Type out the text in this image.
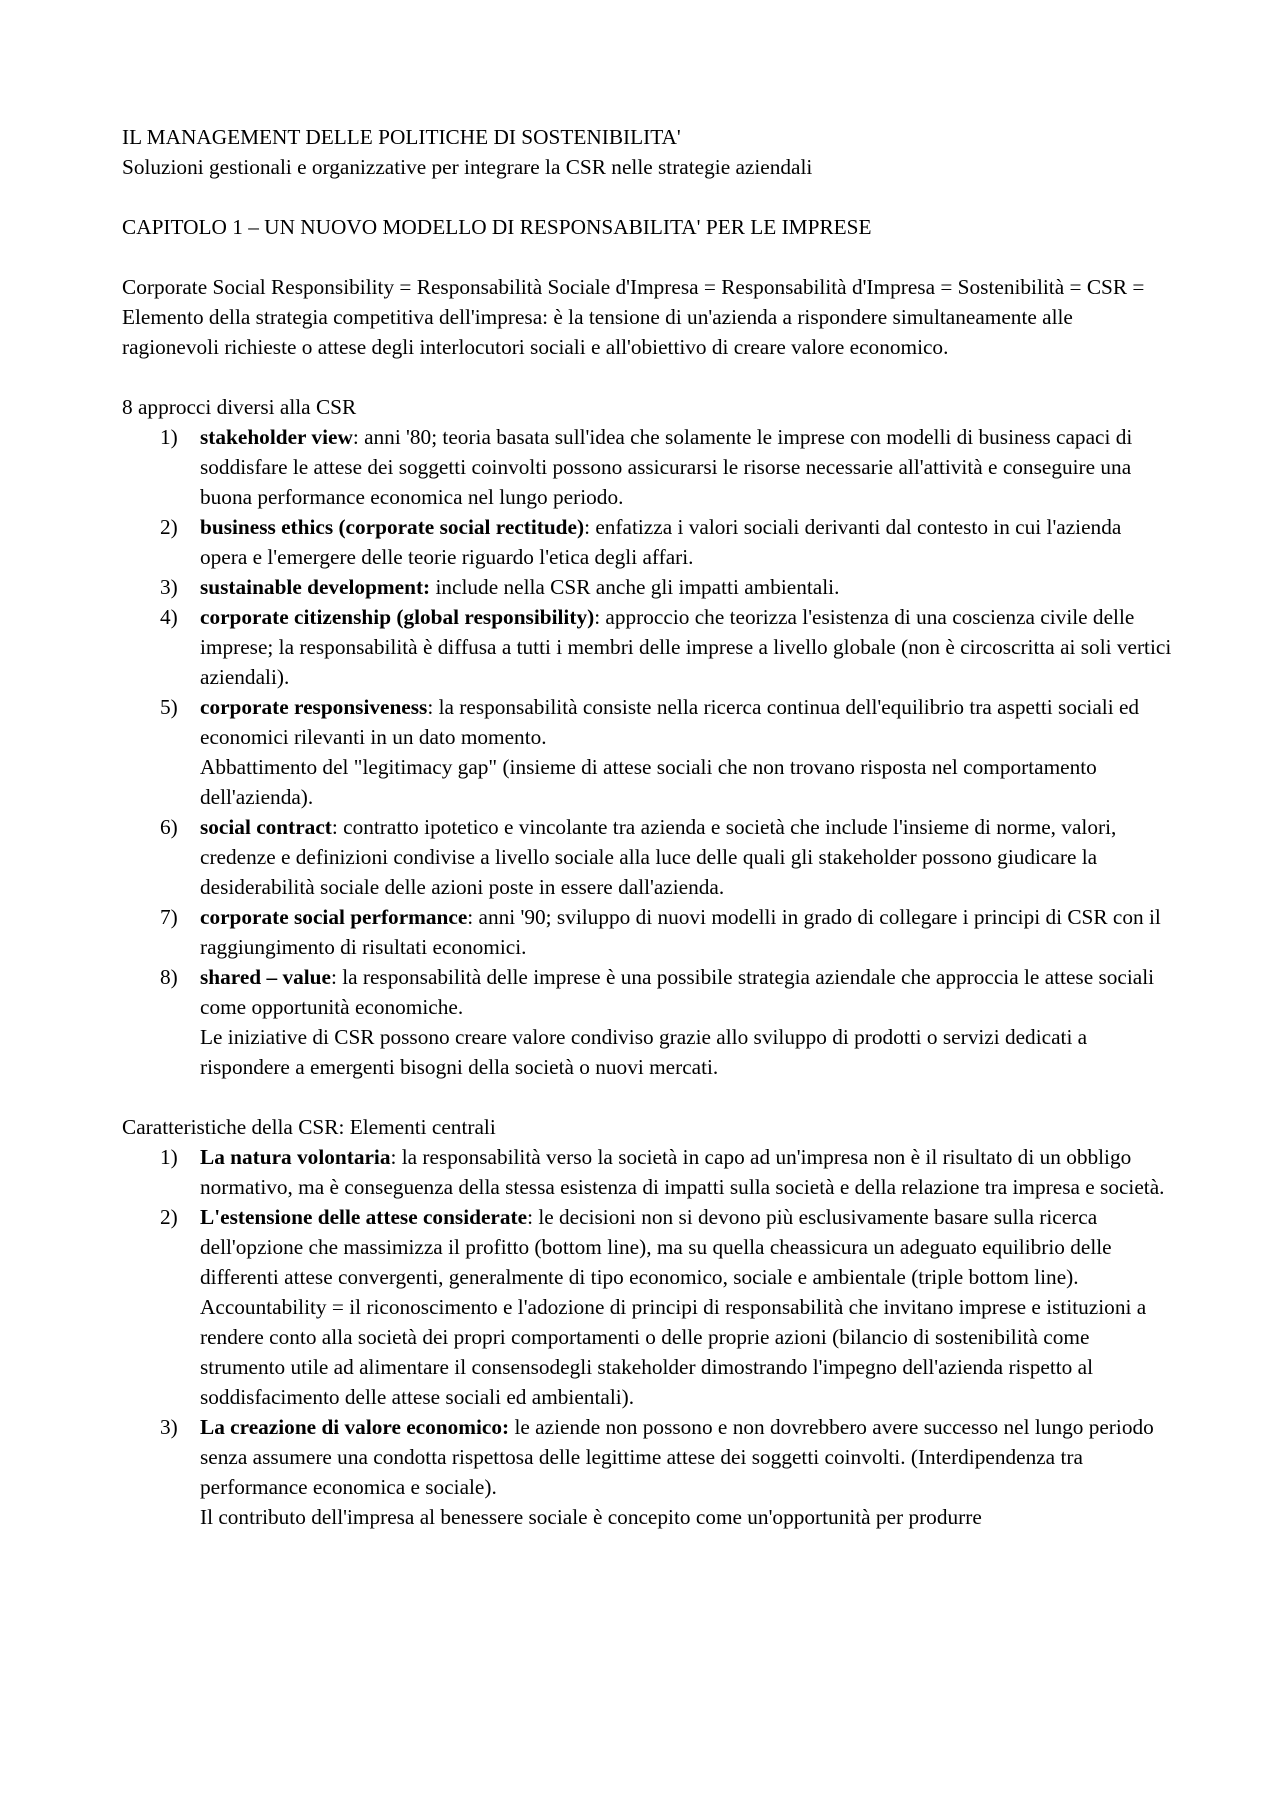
IL MANAGEMENT DELLE POLITICHE DI SOSTENIBILITA'

Soluzioni gestionali e organizzative per integrare la CSR nelle strategie aziendali

CAPITOLO 1 – UN NUOVO MODELLO DI RESPONSABILITA' PER LE IMPRESE

Corporate Social Responsibility = Responsabilità Sociale d'Impresa = Responsabilità d'Impresa = Sostenibilità = CSR = Elemento della strategia competitiva dell'impresa: è la tensione di un'azienda a rispondere simultaneamente alle ragionevoli richieste o attese degli interlocutori sociali e all'obiettivo di creare valore economico.

8 approcci diversi alla CSR

1) stakeholder view: anni '80; teoria basata sull'idea che solamente le imprese con modelli di business capaci di soddisfare le attese dei soggetti coinvolti possono assicurarsi le risorse necessarie all'attività e conseguire una buona performance economica nel lungo periodo.
2) business ethics (corporate social rectitude): enfatizza i valori sociali derivanti dal contesto in cui l'azienda opera e l'emergere delle teorie riguardo l'etica degli affari.
3) sustainable development: include nella CSR anche gli impatti ambientali.
4) corporate citizenship (global responsibility): approccio che teorizza l'esistenza di una coscienza civile delle imprese; la responsabilità è diffusa a tutti i membri delle imprese a livello globale (non è circoscritta ai soli vertici aziendali).
5) corporate responsiveness: la responsabilità consiste nella ricerca continua dell'equilibrio tra aspetti sociali ed economici rilevanti in un dato momento.
Abbattimento del "legitimacy gap" (insieme di attese sociali che non trovano risposta nel comportamento dell'azienda).
6) social contract: contratto ipotetico e vincolante tra azienda e società che include l'insieme di norme, valori, credenze e definizioni condivise a livello sociale alla luce delle quali gli stakeholder possono giudicare la desiderabilità sociale delle azioni poste in essere dall'azienda.
7) corporate social performance: anni '90; sviluppo di nuovi modelli in grado di collegare i principi di CSR con il raggiungimento di risultati economici.
8) shared – value: la responsabilità delle imprese è una possibile strategia aziendale che approccia le attese sociali come opportunità economiche.
Le iniziative di CSR possono creare valore condiviso grazie allo sviluppo di prodotti o servizi dedicati a rispondere a emergenti bisogni della società o nuovi mercati.

Caratteristiche della CSR: Elementi centrali

1) La natura volontaria: la responsabilità verso la società in capo ad un'impresa non è il risultato di un obbligo normativo, ma è conseguenza della stessa esistenza di impatti sulla società e della relazione tra impresa e società.
2) L'estensione delle attese considerate: le decisioni non si devono più esclusivamente basare sulla ricerca dell'opzione che massimizza il profitto (bottom line), ma su quella cheassicura un adeguato equilibrio delle differenti attese convergenti, generalmente di tipo economico, sociale e ambientale (triple bottom line).
Accountability = il riconoscimento e l'adozione di principi di responsabilità che invitano imprese e istituzioni a rendere conto alla società dei propri comportamenti o delle proprie azioni (bilancio di sostenibilità come strumento utile ad alimentare il consensodegli stakeholder dimostrando l'impegno dell'azienda rispetto al soddisfacimento delle attese sociali ed ambientali).
3) La creazione di valore economico: le aziende non possono e non dovrebbero avere successo nel lungo periodo senza assumere una condotta rispettosa delle legittime attese dei soggetti coinvolti. (Interdipendenza tra performance economica e sociale).
Il contributo dell'impresa al benessere sociale è concepito come un'opportunità per produrre
